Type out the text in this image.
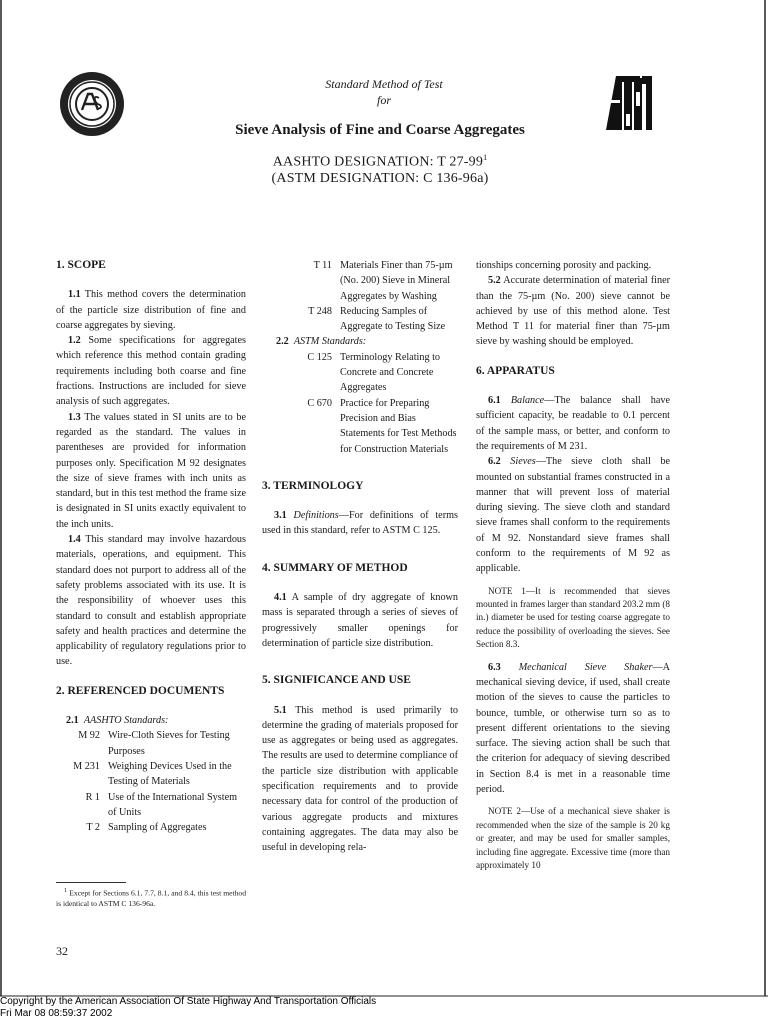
Standard Method of Test
for
Sieve Analysis of Fine and Coarse Aggregates
AASHTO DESIGNATION: T $27-99^1$
(ASTM DESIGNATION: C 136-96a)

1. SCOPE

1.1 This method covers the determination of the particle size distribution of fine and coarse aggregates by sieving.

1.2 Some specifications for aggregates which reference this method contain grading requirements including both coarse and fine fractions. Instructions are included for sieve analysis of such aggregates.

1.3 The values stated in SI units are to be regarded as the standard. The values in parentheses are provided for information purposes only. Specification M 92 designates the size of sieve frames with inch units as standard, but in this test method the frame size is designated in SI units exactly equivalent to the inch units.

1.4 This standard may involve hazardous materials, operations, and equipment. This standard does not purport to address all of the safety problems associated with its use. It is the responsibility of whoever uses this standard to consult and establish appropriate safety and health practices and determine the applicability of regulatory regulations prior to use.

2. REFERENCED DOCUMENTS

2.1 AASHTO Standards:

M 92 Wire-Cloth Sieves for Testing Purposes
M 231 Weighing Devices Used in the Testing of Materials
R 1 Use of the International System of Units
T 2 Sampling of Aggregates

$^1$ Except for Sections 6.1, 7.7, 8.1, and 8.4, this test method is identical to ASTM C 136-96a.

T 11 Materials Finer than 75-µm (No. 200) Sieve in Mineral Aggregates by Washing
T 248 Reducing Samples of Aggregate to Testing Size

2.2 ASTM Standards:

C 125 Terminology Relating to Concrete and Concrete Aggregates
C 670 Practice for Preparing Precision and Bias Statements for Test Methods for Construction Materials

3. TERMINOLOGY

3.1 Definitions—For definitions of terms used in this standard, refer to ASTM C 125.

4. SUMMARY OF METHOD

4.1 A sample of dry aggregate of known mass is separated through a series of sieves of progressively smaller openings for determination of particle size distribution.

5. SIGNIFICANCE AND USE

5.1 This method is used primarily to determine the grading of materials proposed for use as aggregates or being used as aggregates. The results are used to determine compliance of the particle size distribution with applicable specification requirements and to provide necessary data for control of the production of various aggregate products and mixtures containing aggregates. The data may also be useful in developing rela-

tionships concerning porosity and packing.

5.2 Accurate determination of material finer than the 75-µm (No. 200) sieve cannot be achieved by use of this method alone. Test Method T 11 for material finer than 75-µm sieve by washing should be employed.

6. APPARATUS

6.1 Balance—The balance shall have sufficient capacity, be readable to 0.1 percent of the sample mass, or better, and conform to the requirements of M 231.

6.2 Sieves—The sieve cloth shall be mounted on substantial frames constructed in a manner that will prevent loss of material during sieving. The sieve cloth and standard sieve frames shall conform to the requirements of M 92. Nonstandard sieve frames shall conform to the requirements of M 92 as applicable.

NOTE 1—It is recommended that sieves mounted in frames larger than standard 203.2 mm (8 in.) diameter be used for testing coarse aggregate to reduce the possibility of overloading the sieves. See Section 8.3.

6.3 Mechanical Sieve Shaker—A mechanical sieving device, if used, shall create motion of the sieves to cause the particles to bounce, tumble, or otherwise turn so as to present different orientations to the sieving surface. The sieving action shall be such that the criterion for adequacy of sieving described in Section 8.4 is met in a reasonable time period.

NOTE 2—Use of a mechanical sieve shaker is recommended when the size of the sample is 20 kg or greater, and may be used for smaller samples, including fine aggregate. Excessive time (more than approximately 10

32
Copyright by the American Association Of State Highway And Transportation Officials
Fri Mar 08 08:59:37 2002
